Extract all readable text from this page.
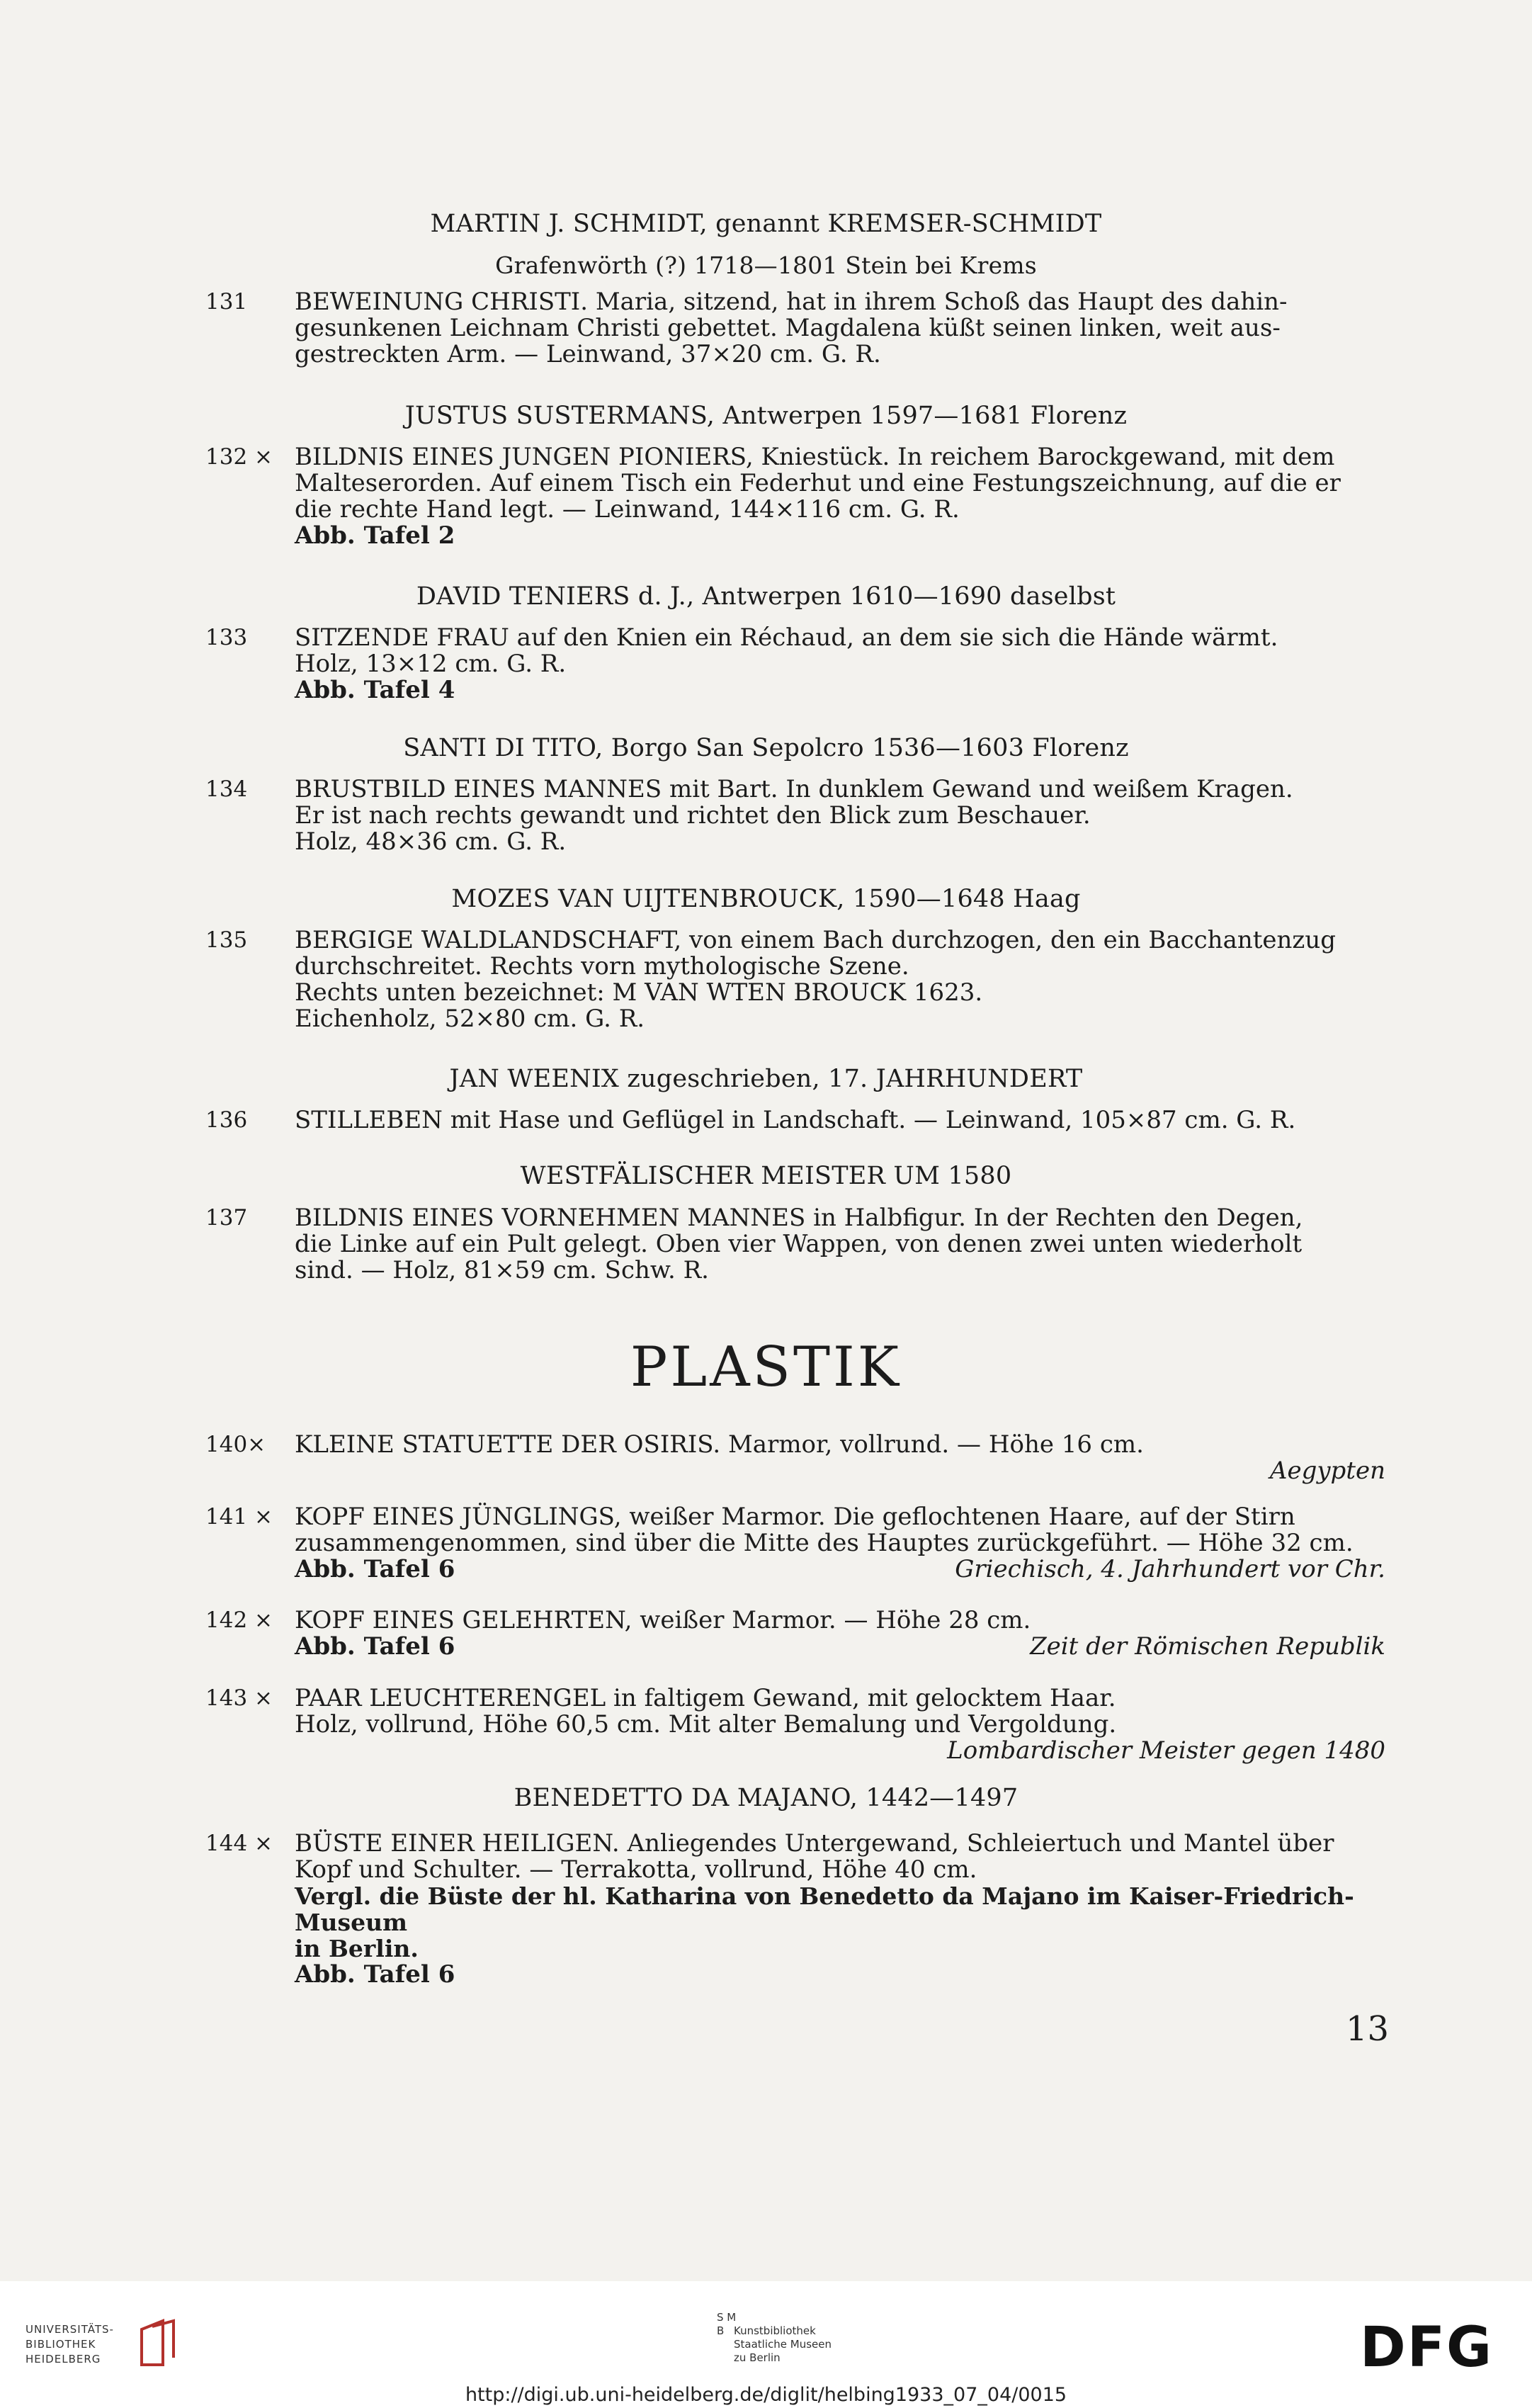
MARTIN J. SCHMIDT, genannt KREMSER-SCHMIDT
Grafenwörth (?) 1718—1801 Stein bei Krems
131	BEWEINUNG CHRISTI. Maria, sitzend, hat in ihrem Schoß das Haupt des dahin-
gesunkenen Leichnam Christi gebettet. Magdalena küßt seinen linken, weit aus-
gestreckten Arm. — Leinwand, 37×20 cm. G. R.
JUSTUS SUSTERMANS, Antwerpen 1597—1681 Florenz
132 × BILDNIS EINES JUNGEN PIONIERS, Kniestück. In reichem Barockgewand, mit dem
Malteserorden. Auf einem Tisch ein Federhut und eine Festungszeichnung, auf die er
die rechte Hand legt. — Leinwand, 144×116 cm. G. R.
Abb. Tafel 2
DAVID TENIERS d. J., Antwerpen 1610—1690 daselbst
133	SITZENDE FRAU auf den Knien ein Réchaud, an dem sie sich die Hände wärmt.
Holz, 13×12 cm. G. R.
Abb. Tafel 4
SANTI DI TITO, Borgo San Sepolcro 1536—1603 Florenz
134	BRUSTBILD EINES MANNES mit Bart. In dunklem Gewand und weißem Kragen.
Er ist nach rechts gewandt und richtet den Blick zum Beschauer.
Holz, 48×36 cm. G. R.
MOZES VAN UIJTENBROUCK, 1590—1648 Haag
135	BERGIGE WALDLANDSCHAFT, von einem Bach durchzogen, den ein Bacchantenzug
durchschreitet. Rechts vorn mythologische Szene.
Rechts unten bezeichnet: M VAN WTEN BROUCK 1623.
Eichenholz, 52×80 cm. G. R.
JAN WEENIX zugeschrieben, 17. JAHRHUNDERT
136	STILLEBEN mit Hase und Geflügel in Landschaft. — Leinwand, 105×87 cm. G. R.
WESTFÄLISCHER MEISTER UM 1580
137	BILDNIS EINES VORNEHMEN MANNES in Halbfigur. In der Rechten den Degen,
die Linke auf ein Pult gelegt. Oben vier Wappen, von denen zwei unten wiederholt
sind. — Holz, 81×59 cm. Schw. R.
PLASTIK
140×	KLEINE STATUETTE DER OSIRIS. Marmor, vollrund. — Höhe 16 cm.
Aegypten
141 × KOPF EINES JÜNGLINGS, weißer Marmor. Die geflochtenen Haare, auf der Stirn
zusammengenommen, sind über die Mitte des Hauptes zurückgeführt. — Höhe 32 cm.
Abb. Tafel 6	Griechisch, 4. Jahrhundert vor Chr.
142 × KOPF EINES GELEHRTEN, weißer Marmor. — Höhe 28 cm.
Abb. Tafel 6	Zeit der Römischen Republik
143 × PAAR LEUCHTERENGEL in faltigem Gewand, mit gelocktem Haar.
Holz, vollrund, Höhe 60,5 cm. Mit alter Bemalung und Vergoldung.
Lombardischer Meister gegen 1480
BENEDETTO DA MAJANO, 1442—1497
144 × BÜSTE EINER HEILIGEN. Anliegendes Untergewand, Schleiertuch und Mantel über
Kopf und Schulter. — Terrakotta, vollrund, Höhe 40 cm.
Vergl. die Büste der hl. Katharina von Benedetto da Majano im Kaiser-Friedrich-Museum
in Berlin.
Abb. Tafel 6
13
UNIVERSITÄTS-
BIBLIOTHEK
HEIDELBERG
S M
B Kunstbibliothek
Staatliche Museen
zu Berlin	DFG
http://digi.ub.uni-heidelberg.de/diglit/helbing1933_07_04/0015
